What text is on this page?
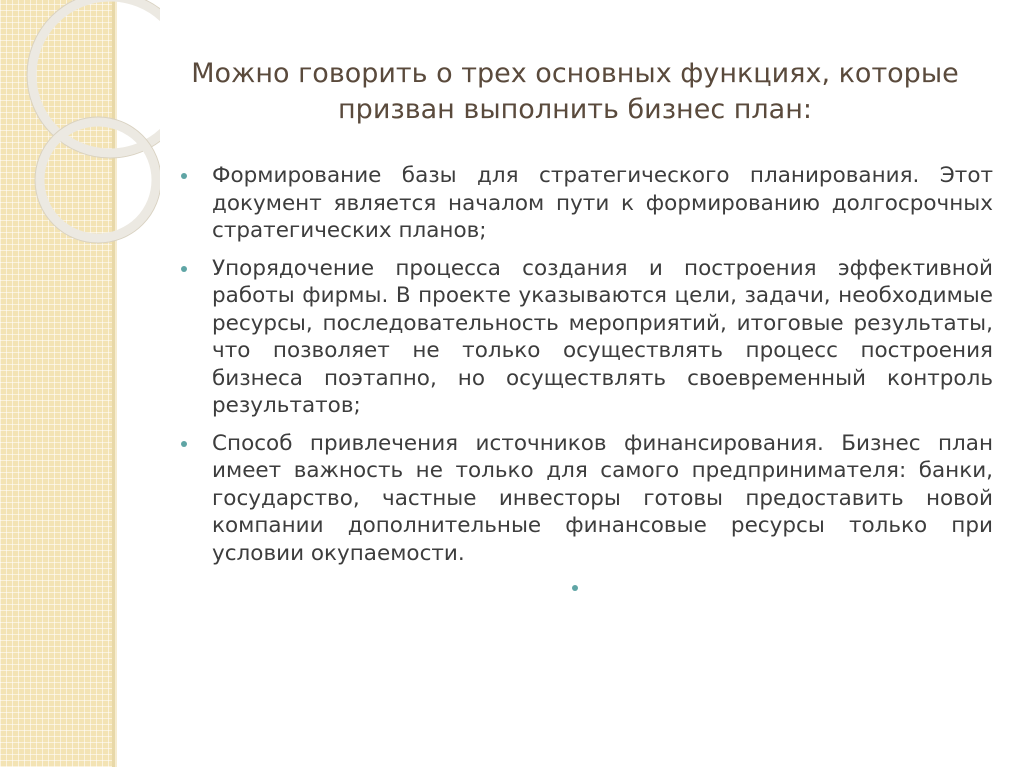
Можно говорить о трех основных функциях, которые
призван выполнить бизнес план:
Формирование базы для стратегического планирования. Этот документ является началом пути к формированию долгосрочных стратегических планов;
Упорядочение процесса создания и построения эффективной работы фирмы. В проекте указываются цели, задачи, необходимые ресурсы, последовательность мероприятий, итоговые результаты, что позволяет не только осуществлять процесс построения бизнеса поэтапно, но осуществлять своевременный контроль результатов;
Способ привлечения источников финансирования. Бизнес план имеет важность не только для самого предпринимателя: банки, государство, частные инвесторы готовы предоставить новой компании дополнительные финансовые ресурсы только при условии окупаемости.
